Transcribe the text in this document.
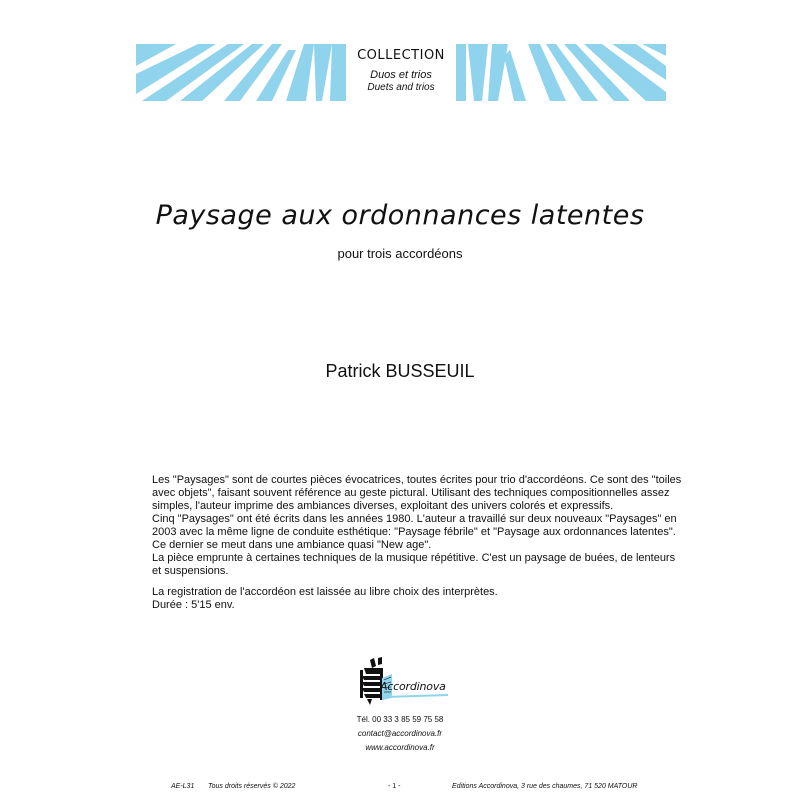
COLLECTION
Duos et trios
Duets and trios
Paysage aux ordonnances latentes
pour trois accordéons
Patrick BUSSEUIL

Les "Paysages" sont de courtes pièces évocatrices, toutes écrites pour trio d'accordéons. Ce sont des "toiles avec objets", faisant souvent référence au geste pictural. Utilisant des techniques compositionnelles assez simples, l'auteur imprime des ambiances diverses, exploitant des univers colorés et expressifs.

Cinq "Paysages" ont été écrits dans les années 1980. L'auteur a travaillé sur deux nouveaux "Paysages" en 2003 avec la même ligne de conduite esthétique: "Paysage fébrile" et "Paysage aux ordonnances latentes". Ce dernier se meut dans une ambiance quasi "New age".

La pièce emprunte à certaines techniques de la musique répétitive. C'est un paysage de buées, de lenteurs et suspensions.

La registration de l'accordéon est laissée au libre choix des interprètes.

Durée : 5'15 env.

Accordinova
Tél. 00 33 3 85 59 75 58
contact@accordinova.fr
www.accordinova.fr
AE-L31 Tous droits réservés © 2022	- 1 -	Editions Accordinova, 3 rue des chaumes, 71 520 MATOUR
